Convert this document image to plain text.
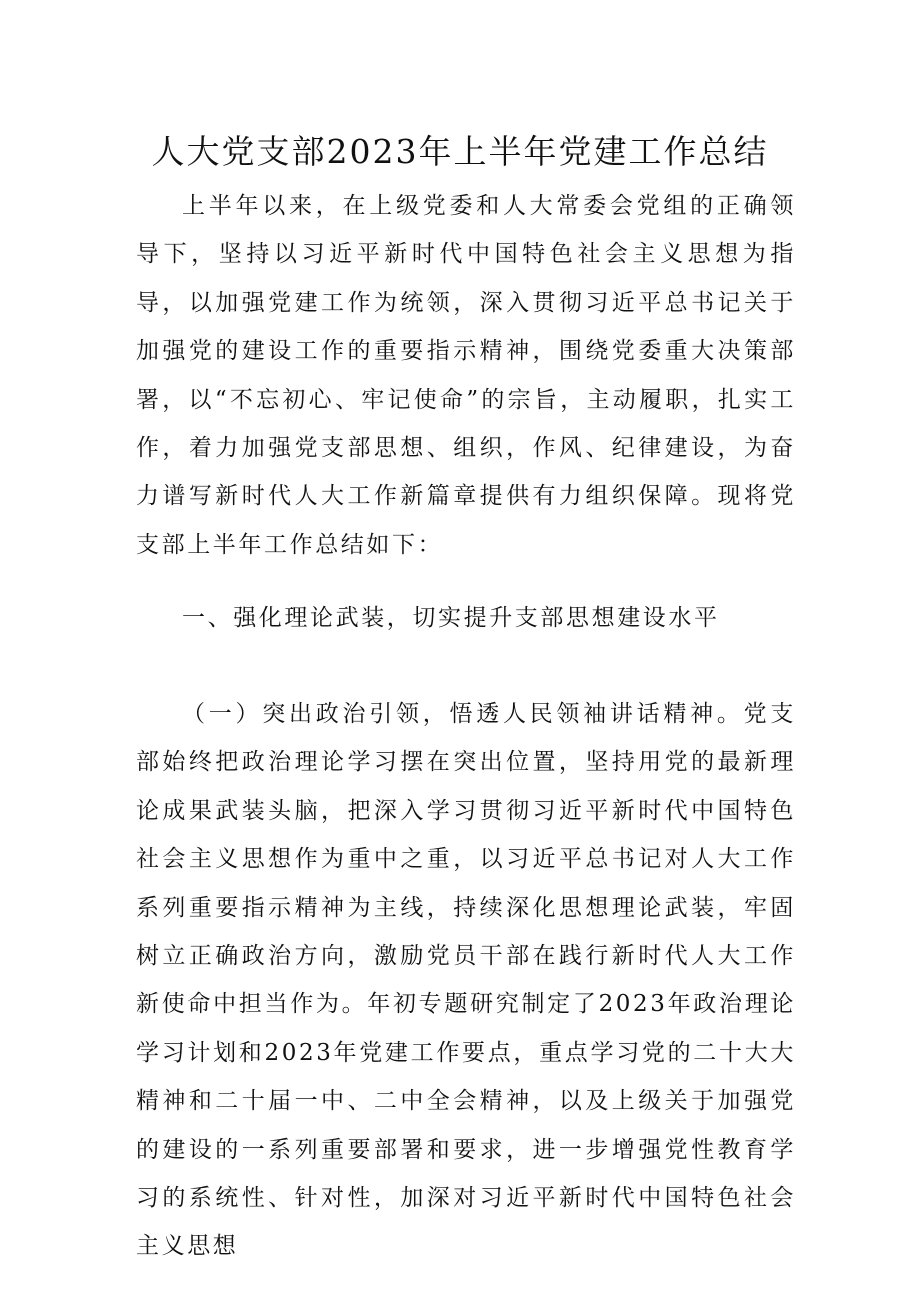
人大党支部2023年上半年党建工作总结

上半年以来，在上级党委和人大常委会党组的正确领导下，坚持以习近平新时代中国特色社会主义思想为指导，以加强党建工作为统领，深入贯彻习近平总书记关于加强党的建设工作的重要指示精神，围绕党委重大决策部署，以“不忘初心、牢记使命”的宗旨，主动履职，扎实工作，着力加强党支部思想、组织，作风、纪律建设，为奋力谱写新时代人大工作新篇章提供有力组织保障。现将党支部上半年工作总结如下：

一、强化理论武装，切实提升支部思想建设水平

（一）突出政治引领，悟透人民领袖讲话精神。党支部始终把政治理论学习摆在突出位置，坚持用党的最新理论成果武装头脑，把深入学习贯彻习近平新时代中国特色社会主义思想作为重中之重，以习近平总书记对人大工作系列重要指示精神为主线，持续深化思想理论武装，牢固树立正确政治方向，激励党员干部在践行新时代人大工作新使命中担当作为。年初专题研究制定了2023年政治理论学习计划和2023年党建工作要点，重点学习党的二十大大精神和二十届一中、二中全会精神，以及上级关于加强党的建设的一系列重要部署和要求，进一步增强党性教育学习的系统性、针对性，加深对习近平新时代中国特色社会主义思想
